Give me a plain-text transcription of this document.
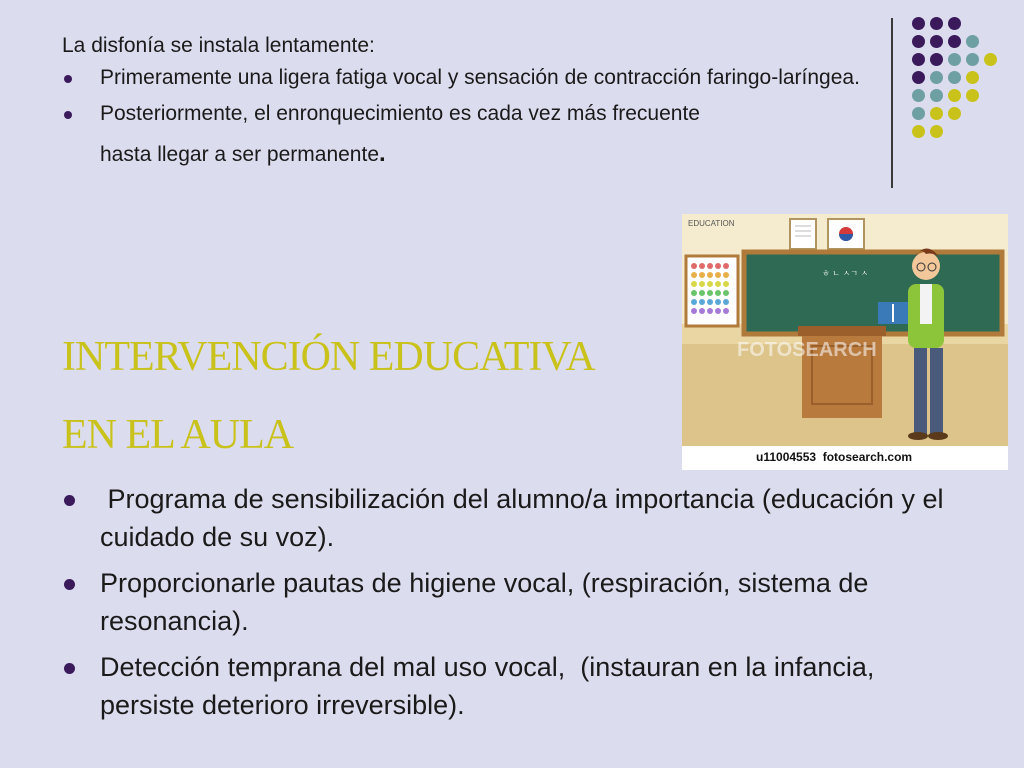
La disfonía se instala lentamente:

Primeramente una ligera fatiga vocal y sensación de contracción faringo-laríngea.
Posteriormente, el enronquecimiento es cada vez más frecuente
hasta llegar a ser permanente.
INTERVENCIÓN EDUCATIVA
EN EL AULA
Programa de sensibilización del alumno/a importancia (educación y el cuidado de su voz).
Proporcionarle pautas de higiene vocal, (respiración, sistema de resonancia).
Detección temprana del mal uso vocal,  (instauran en la infancia, persiste deterioro irreversible).
EDUCATION
ㅎ ㄴ ㅅㄱ ㅅ
FOTOSEARCH
u11004553  fotosearch.com
